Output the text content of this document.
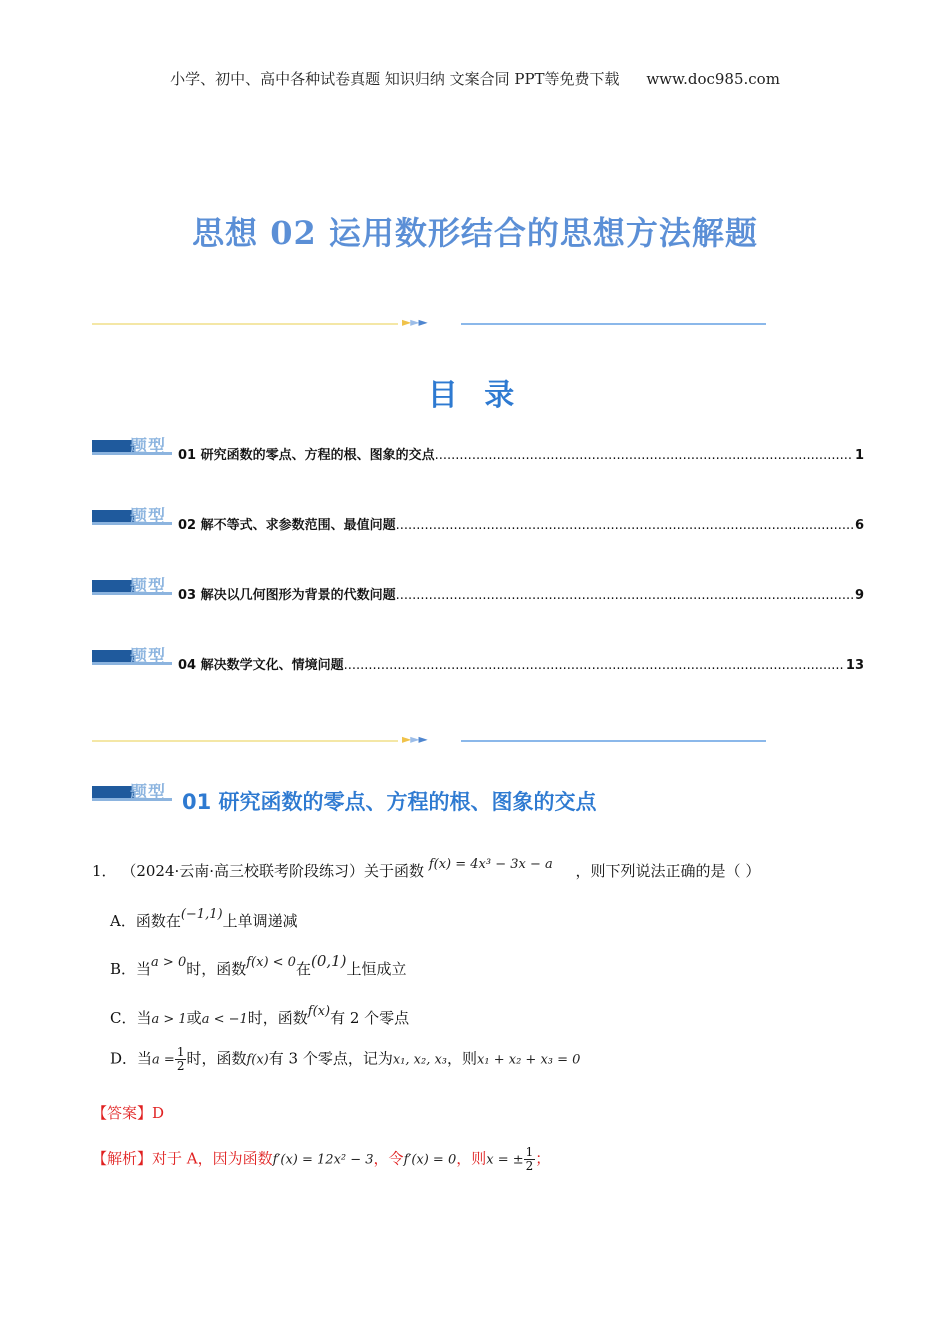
小学、初中、高中各种试卷真题 知识归纳 文案合同 PPT等免费下载 www.doc985.com
思想 02 运用数形结合的思想方法解题
►►►
目 录
题型 01 研究函数的零点、方程的根、图象的交点 .....	1
题型 02 解不等式、求参数范围、最值问题 .....	6
题型 03 解决以几何图形为背景的代数问题 .....	9
题型 04 解决数学文化、情境问题 .....	13
►►►
题型 01 研究函数的零点、方程的根、图象的交点
1． （2024·云南·高三校联考阶段练习）关于函数 f(x) = 4x³ − 3x − a ，则下列说法正确的是（ ）
A．函数在(−1,1)上单调递减
B．当a > 0时，函数f(x) < 0在(0,1)上恒成立
C．当a > 1或a < −1时，函数f(x)有 2 个零点
D．当$a = \frac{1}{2}$ 时，函数f(x)有 3 个零点，记为x₁, x₂, x₃，则x₁ + x₂ + x₃ = 0
【答案】D
【解析】对于 A，因为函数f′(x) = 12x² − 3，令f′(x) = 0，则x = ± $\frac{1}{2}$ ；
